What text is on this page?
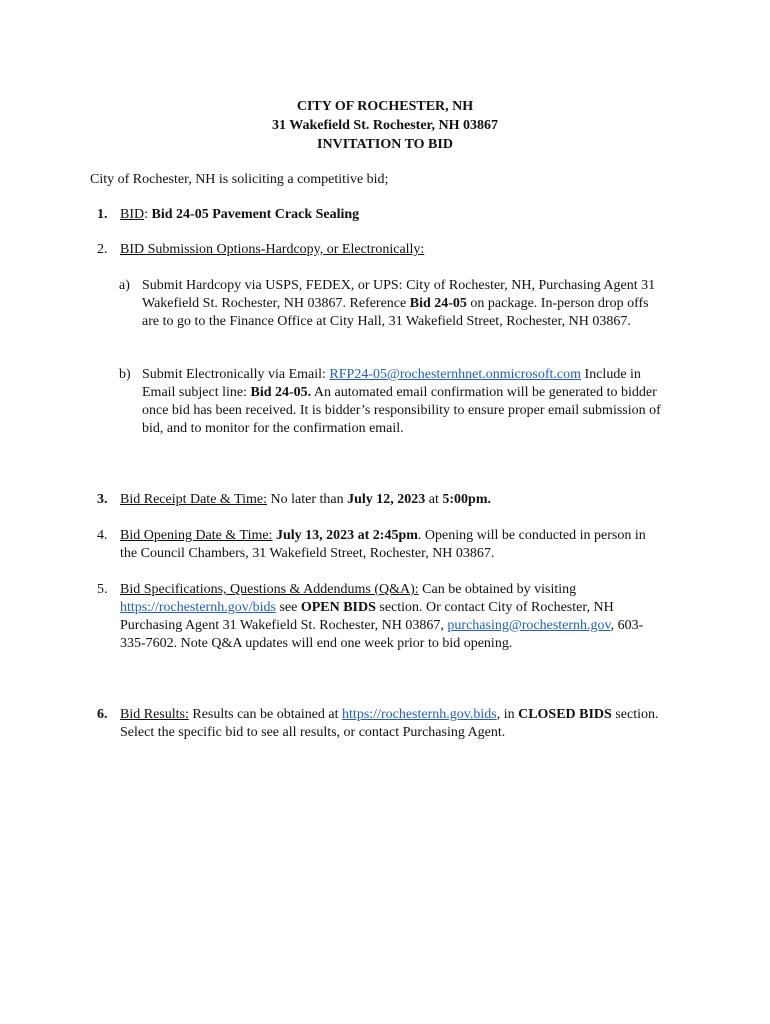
CITY OF ROCHESTER, NH
31 Wakefield St. Rochester, NH 03867
INVITATION TO BID
City of Rochester, NH is soliciting a competitive bid;
1. BID: Bid 24-05 Pavement Crack Sealing
2. BID Submission Options-Hardcopy, or Electronically:
a) Submit Hardcopy via USPS, FEDEX, or UPS: City of Rochester, NH, Purchasing Agent 31 Wakefield St. Rochester, NH 03867. Reference Bid 24-05 on package. In-person drop offs are to go to the Finance Office at City Hall, 31 Wakefield Street, Rochester, NH 03867.
b) Submit Electronically via Email: RFP24-05@rochesternhnet.onmicrosoft.com Include in Email subject line: Bid 24-05. An automated email confirmation will be generated to bidder once bid has been received. It is bidder’s responsibility to ensure proper email submission of bid, and to monitor for the confirmation email.
3. Bid Receipt Date & Time: No later than July 12, 2023 at 5:00pm.
4. Bid Opening Date & Time: July 13, 2023 at 2:45pm. Opening will be conducted in person in the Council Chambers, 31 Wakefield Street, Rochester, NH 03867.
5. Bid Specifications, Questions & Addendums (Q&A): Can be obtained by visiting https://rochesternh.gov/bids see OPEN BIDS section. Or contact City of Rochester, NH Purchasing Agent 31 Wakefield St. Rochester, NH 03867, purchasing@rochesternh.gov, 603-335-7602. Note Q&A updates will end one week prior to bid opening.
6. Bid Results: Results can be obtained at https://rochesternh.gov.bids, in CLOSED BIDS section. Select the specific bid to see all results, or contact Purchasing Agent.
